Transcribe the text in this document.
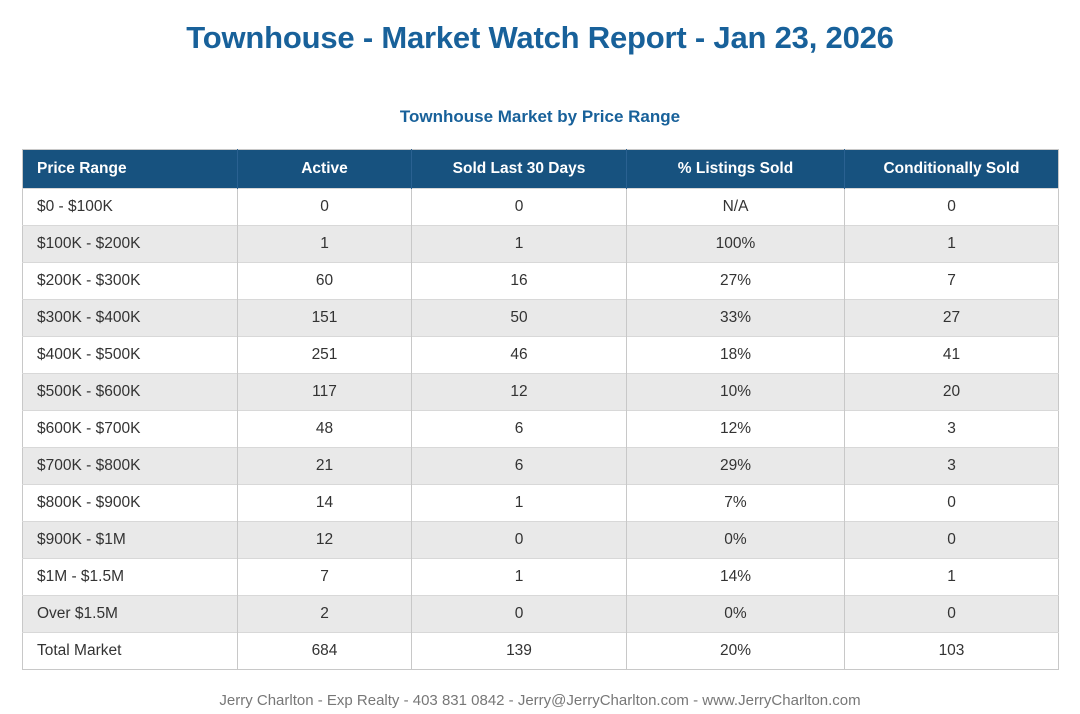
Townhouse - Market Watch Report - Jan 23, 2026
Townhouse Market by Price Range
Price Range	Active	Sold Last 30 Days	% Listings Sold	Conditionally Sold
$0 - $100K	0	0	N/A	0
$100K - $200K	1	1	100%	1
$200K - $300K	60	16	27%	7
$300K - $400K	151	50	33%	27
$400K - $500K	251	46	18%	41
$500K - $600K	117	12	10%	20
$600K - $700K	48	6	12%	3
$700K - $800K	21	6	29%	3
$800K - $900K	14	1	7%	0
$900K - $1M	12	0	0%	0
$1M - $1.5M	7	1	14%	1
Over $1.5M	2	0	0%	0
Total Market	684	139	20%	103
Jerry Charlton - Exp Realty - 403 831 0842 - Jerry@JerryCharlton.com - www.JerryCharlton.com
